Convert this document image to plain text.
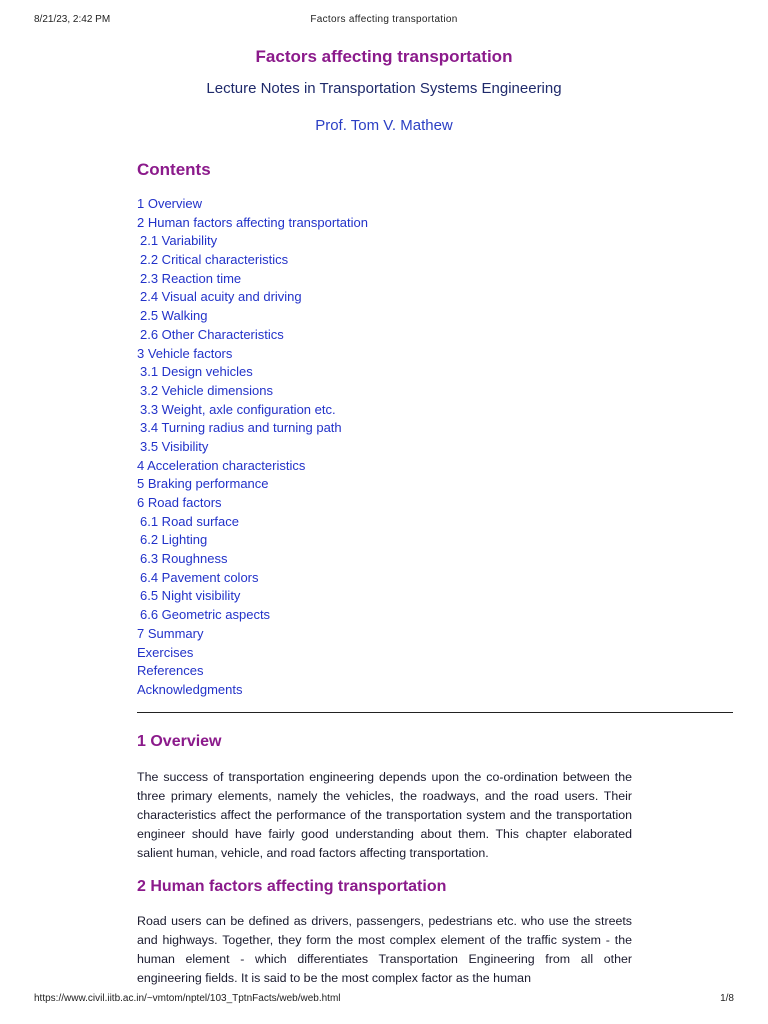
8/21/23, 2:42 PM	Factors affecting transportation
Factors affecting transportation
Lecture Notes in Transportation Systems Engineering
Prof. Tom V. Mathew
Contents
1 Overview
2 Human factors affecting transportation
2.1 Variability
2.2 Critical characteristics
2.3 Reaction time
2.4 Visual acuity and driving
2.5 Walking
2.6 Other Characteristics
3 Vehicle factors
3.1 Design vehicles
3.2 Vehicle dimensions
3.3 Weight, axle configuration etc.
3.4 Turning radius and turning path
3.5 Visibility
4 Acceleration characteristics
5 Braking performance
6 Road factors
6.1 Road surface
6.2 Lighting
6.3 Roughness
6.4 Pavement colors
6.5 Night visibility
6.6 Geometric aspects
7 Summary
Exercises
References
Acknowledgments
1 Overview

The success of transportation engineering depends upon the co-ordination between the three primary elements, namely the vehicles, the roadways, and the road users. Their characteristics affect the performance of the transportation system and the transportation engineer should have fairly good understanding about them. This chapter elaborated salient human, vehicle, and road factors affecting transportation.

2 Human factors affecting transportation

Road users can be defined as drivers, passengers, pedestrians etc. who use the streets and highways. Together, they form the most complex element of the traffic system - the human element - which differentiates Transportation Engineering from all other engineering fields. It is said to be the most complex factor as the human

https://www.civil.iitb.ac.in/~vmtom/nptel/103_TptnFacts/web/web.html	1/8
